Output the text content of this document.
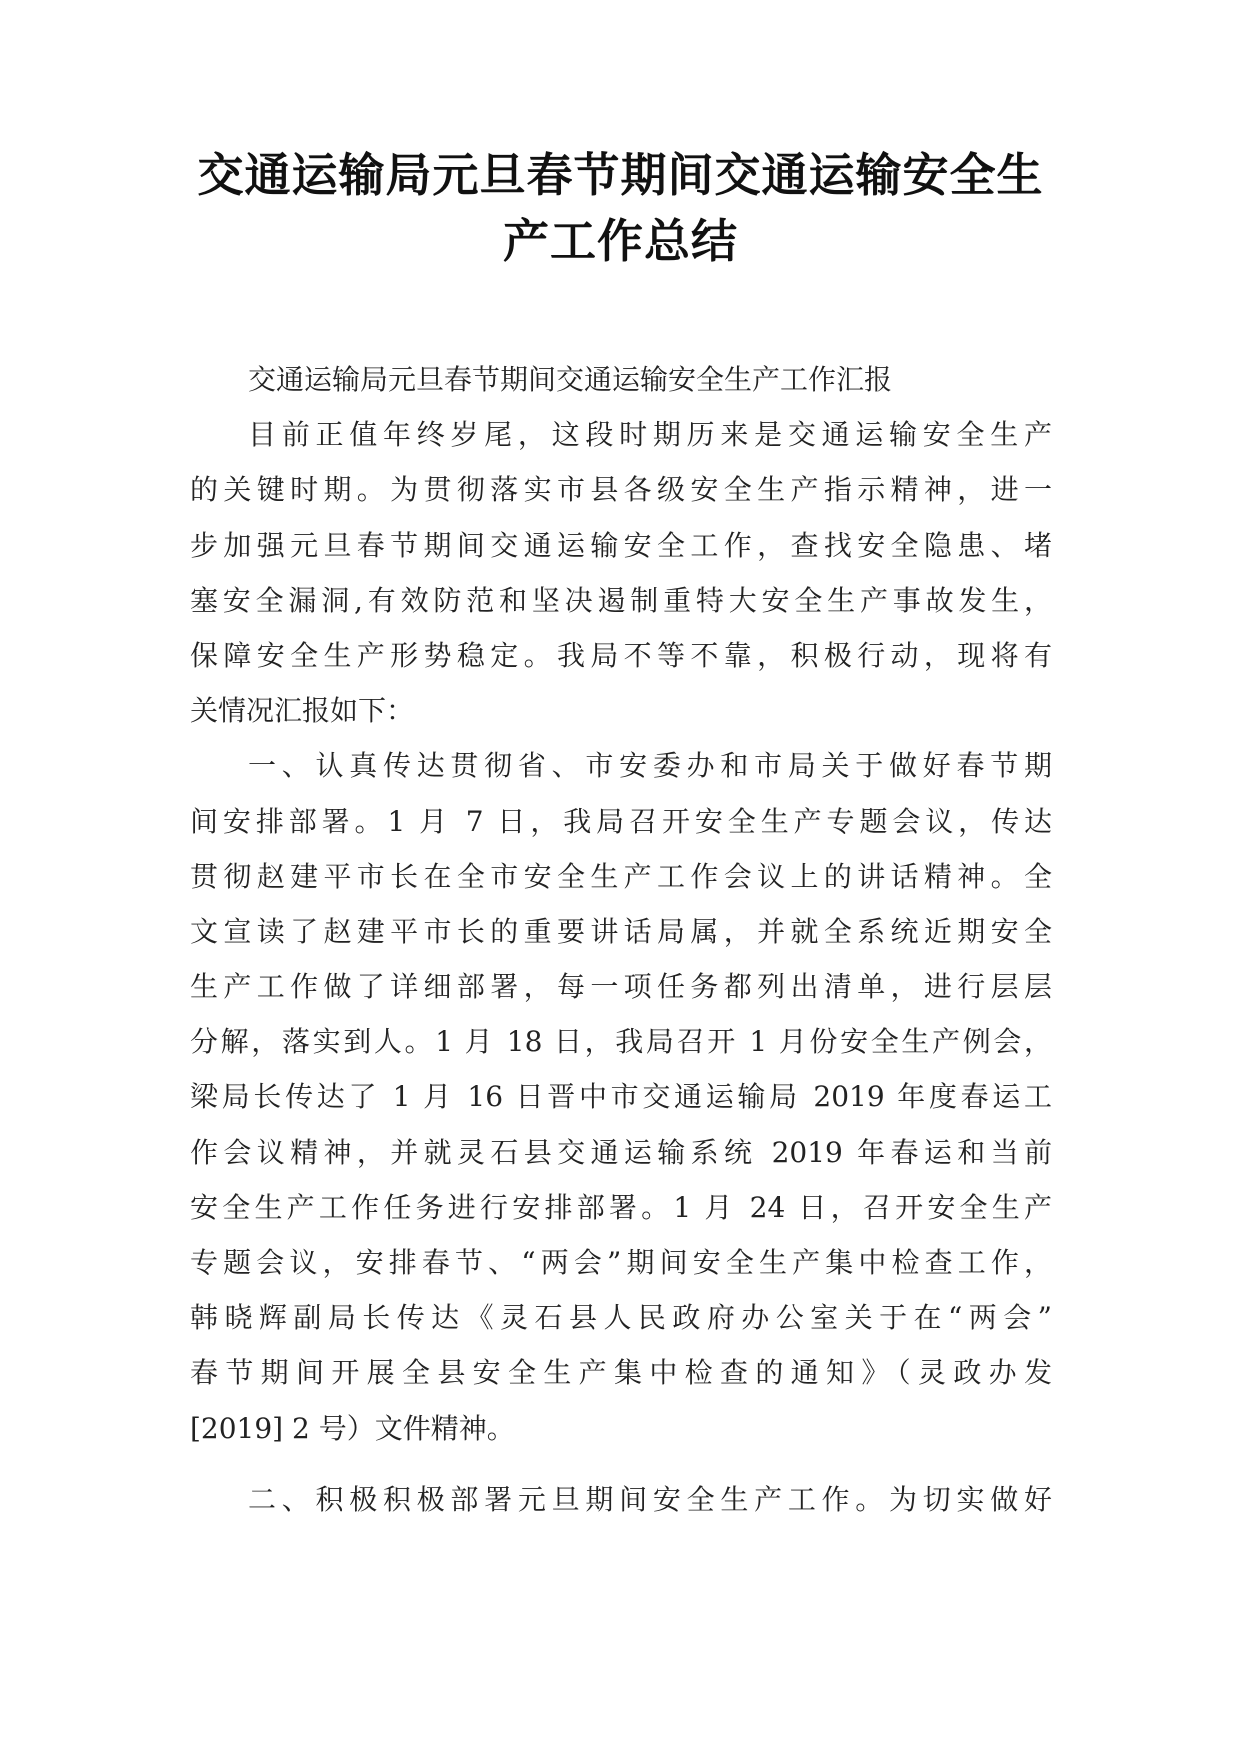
交通运输局元旦春节期间交通运输安全生
产工作总结
交通运输局元旦春节期间交通运输安全生产工作汇报
目前正值年终岁尾，这段时期历来是交通运输安全生产
的关键时期。为贯彻落实市县各级安全生产指示精神，进一
步加强元旦春节期间交通运输安全工作，查找安全隐患、堵
塞安全漏洞,有效防范和坚决遏制重特大安全生产事故发生，
保障安全生产形势稳定。我局不等不靠，积极行动，现将有
关情况汇报如下：
一、认真传达贯彻省、市安委办和市局关于做好春节期
间安排部署。1 月 7 日，我局召开安全生产专题会议，传达
贯彻赵建平市长在全市安全生产工作会议上的讲话精神。全
文宣读了赵建平市长的重要讲话局属，并就全系统近期安全
生产工作做了详细部署，每一项任务都列出清单，进行层层
分解，落实到人。1 月 18 日，我局召开 1 月份安全生产例会，
梁局长传达了 1 月 16 日晋中市交通运输局 2019 年度春运工
作会议精神，并就灵石县交通运输系统 2019 年春运和当前
安全生产工作任务进行安排部署。1 月 24 日，召开安全生产
专题会议，安排春节、“两会”期间安全生产集中检查工作，
韩晓辉副局长传达《灵石县人民政府办公室关于在“两会”
春节期间开展全县安全生产集中检查的通知》（灵政办发
[2019] 2 号）文件精神。
二、积极积极部署元旦期间安全生产工作。为切实做好
